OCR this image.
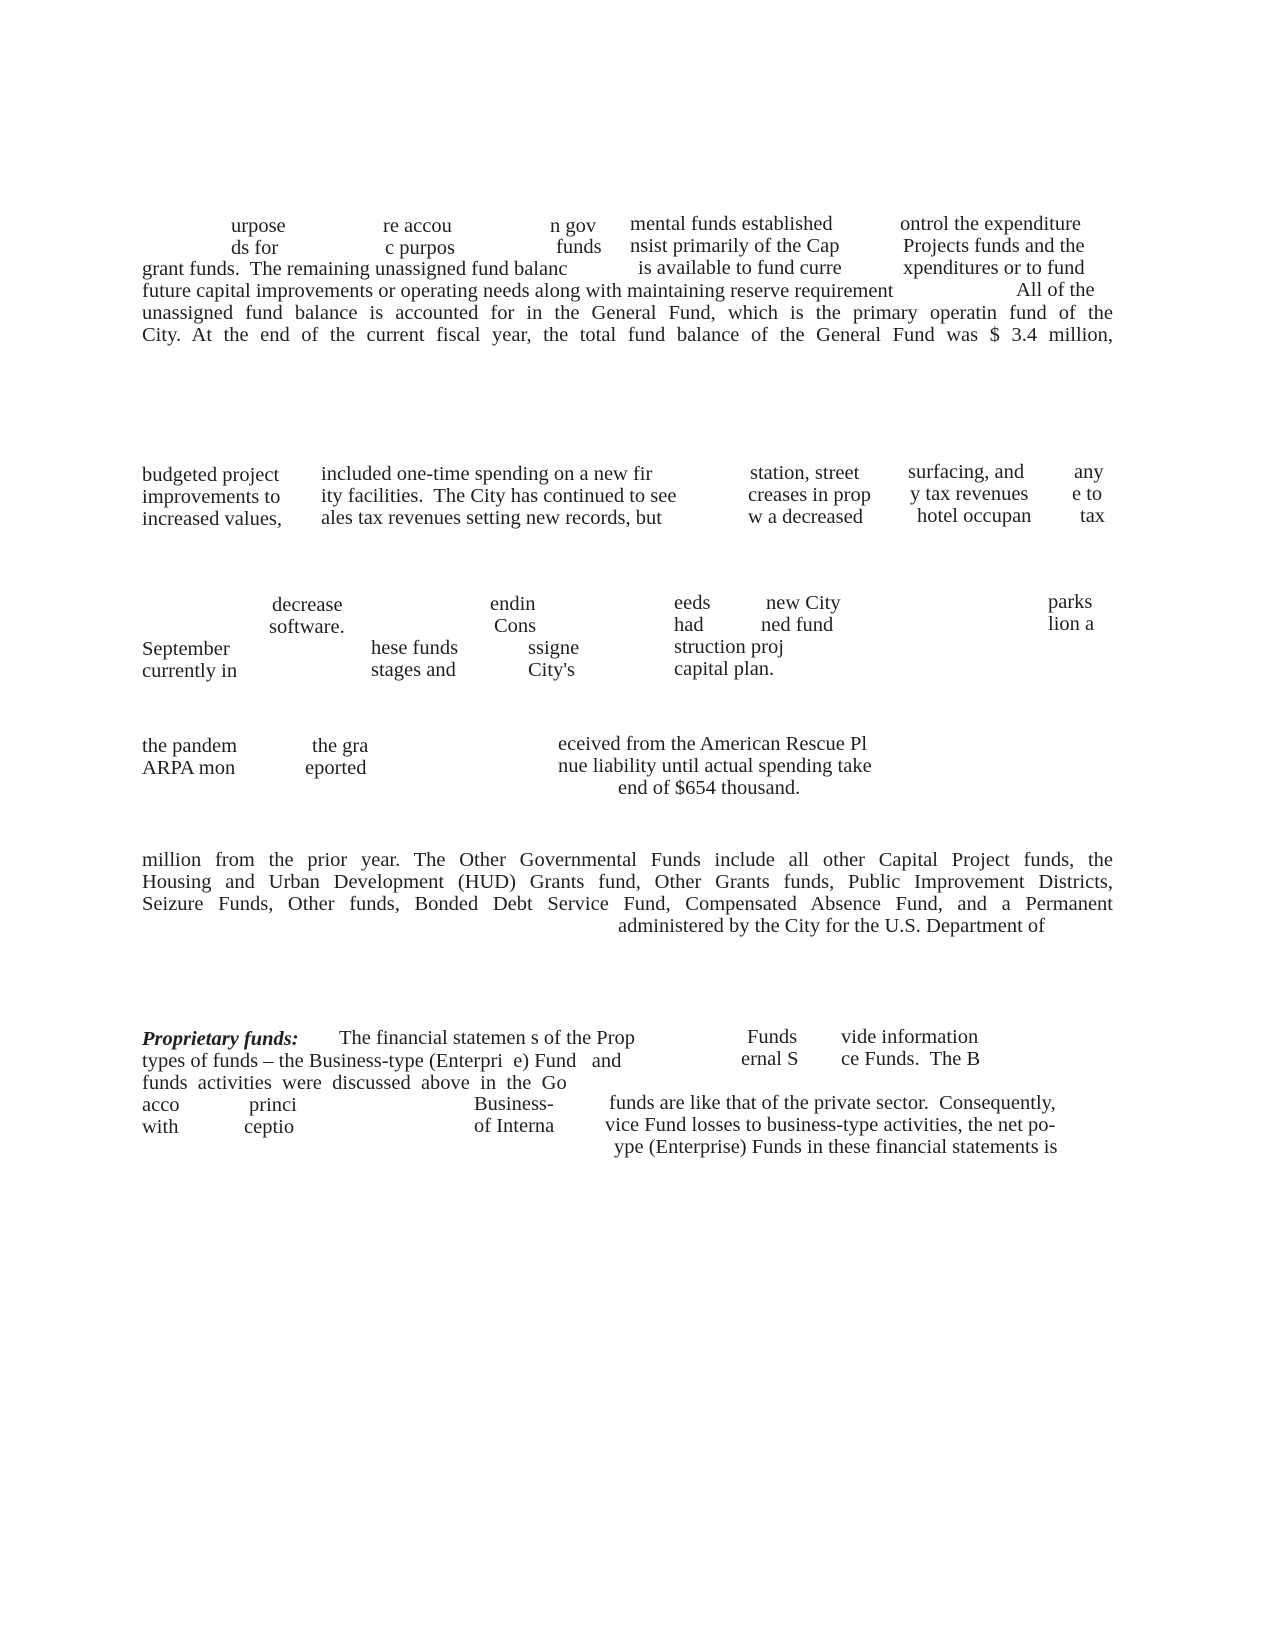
urpose	re accou	n gov mental funds established	ontrol the expenditure
ds for	c purpos	funds nsist primarily of the Cap	Projects funds and the
grant funds.  The remaining unassigned fund balanc	is available to fund curre	xpenditures or to fund
future capital improvements or operating needs along with maintaining reserve requirement	All of the
unassigned fund balance is accounted for in the General Fund, which is the primary operatin fund of the
City. At the end of the current fiscal year, the total fund balance of the General Fund was $ 3.4 million,
budgeted project included one-time spending on a new fir	station, street surfacing, and any
improvements to ity facilities.  The City has continued to see	creases in prop y tax revenues e to
increased values, ales tax revenues setting new records, but	w a decreased	hotel occupan tax
decrease	endin	eeds	new City	parks
software.	Cons	had	ned fund	lion a
September	hese funds	ssigne	struction proj
currently in	stages and	City's	capital plan.
the pandem	the gra	eceived from the American Rescue Pl
ARPA mon	eported	nue liability until actual spending take
end of $654 thousand.
million from the prior year. The Other Governmental Funds include all other Capital Project funds, the
Housing and Urban Development (HUD) Grants fund, Other Grants funds, Public Improvement Districts,
Seizure Funds, Other funds, Bonded Debt Service Fund, Compensated Absence Fund, and a Permanent
administered by the City for the U.S. Department of
Proprietary funds: The financial statemen s of the Prop	Funds vide information
types of funds – the Business-type (Enterpri  e) Fund   and	ernal S ce Funds.  The B
funds  activities  were  discussed  above  in  the  Go
acco	princi	Business-	funds are like that of the private sector.  Consequently,
with	ceptio	of Interna vice Fund losses to business-type activities, the net po-
ype (Enterprise) Funds in these financial statements is
